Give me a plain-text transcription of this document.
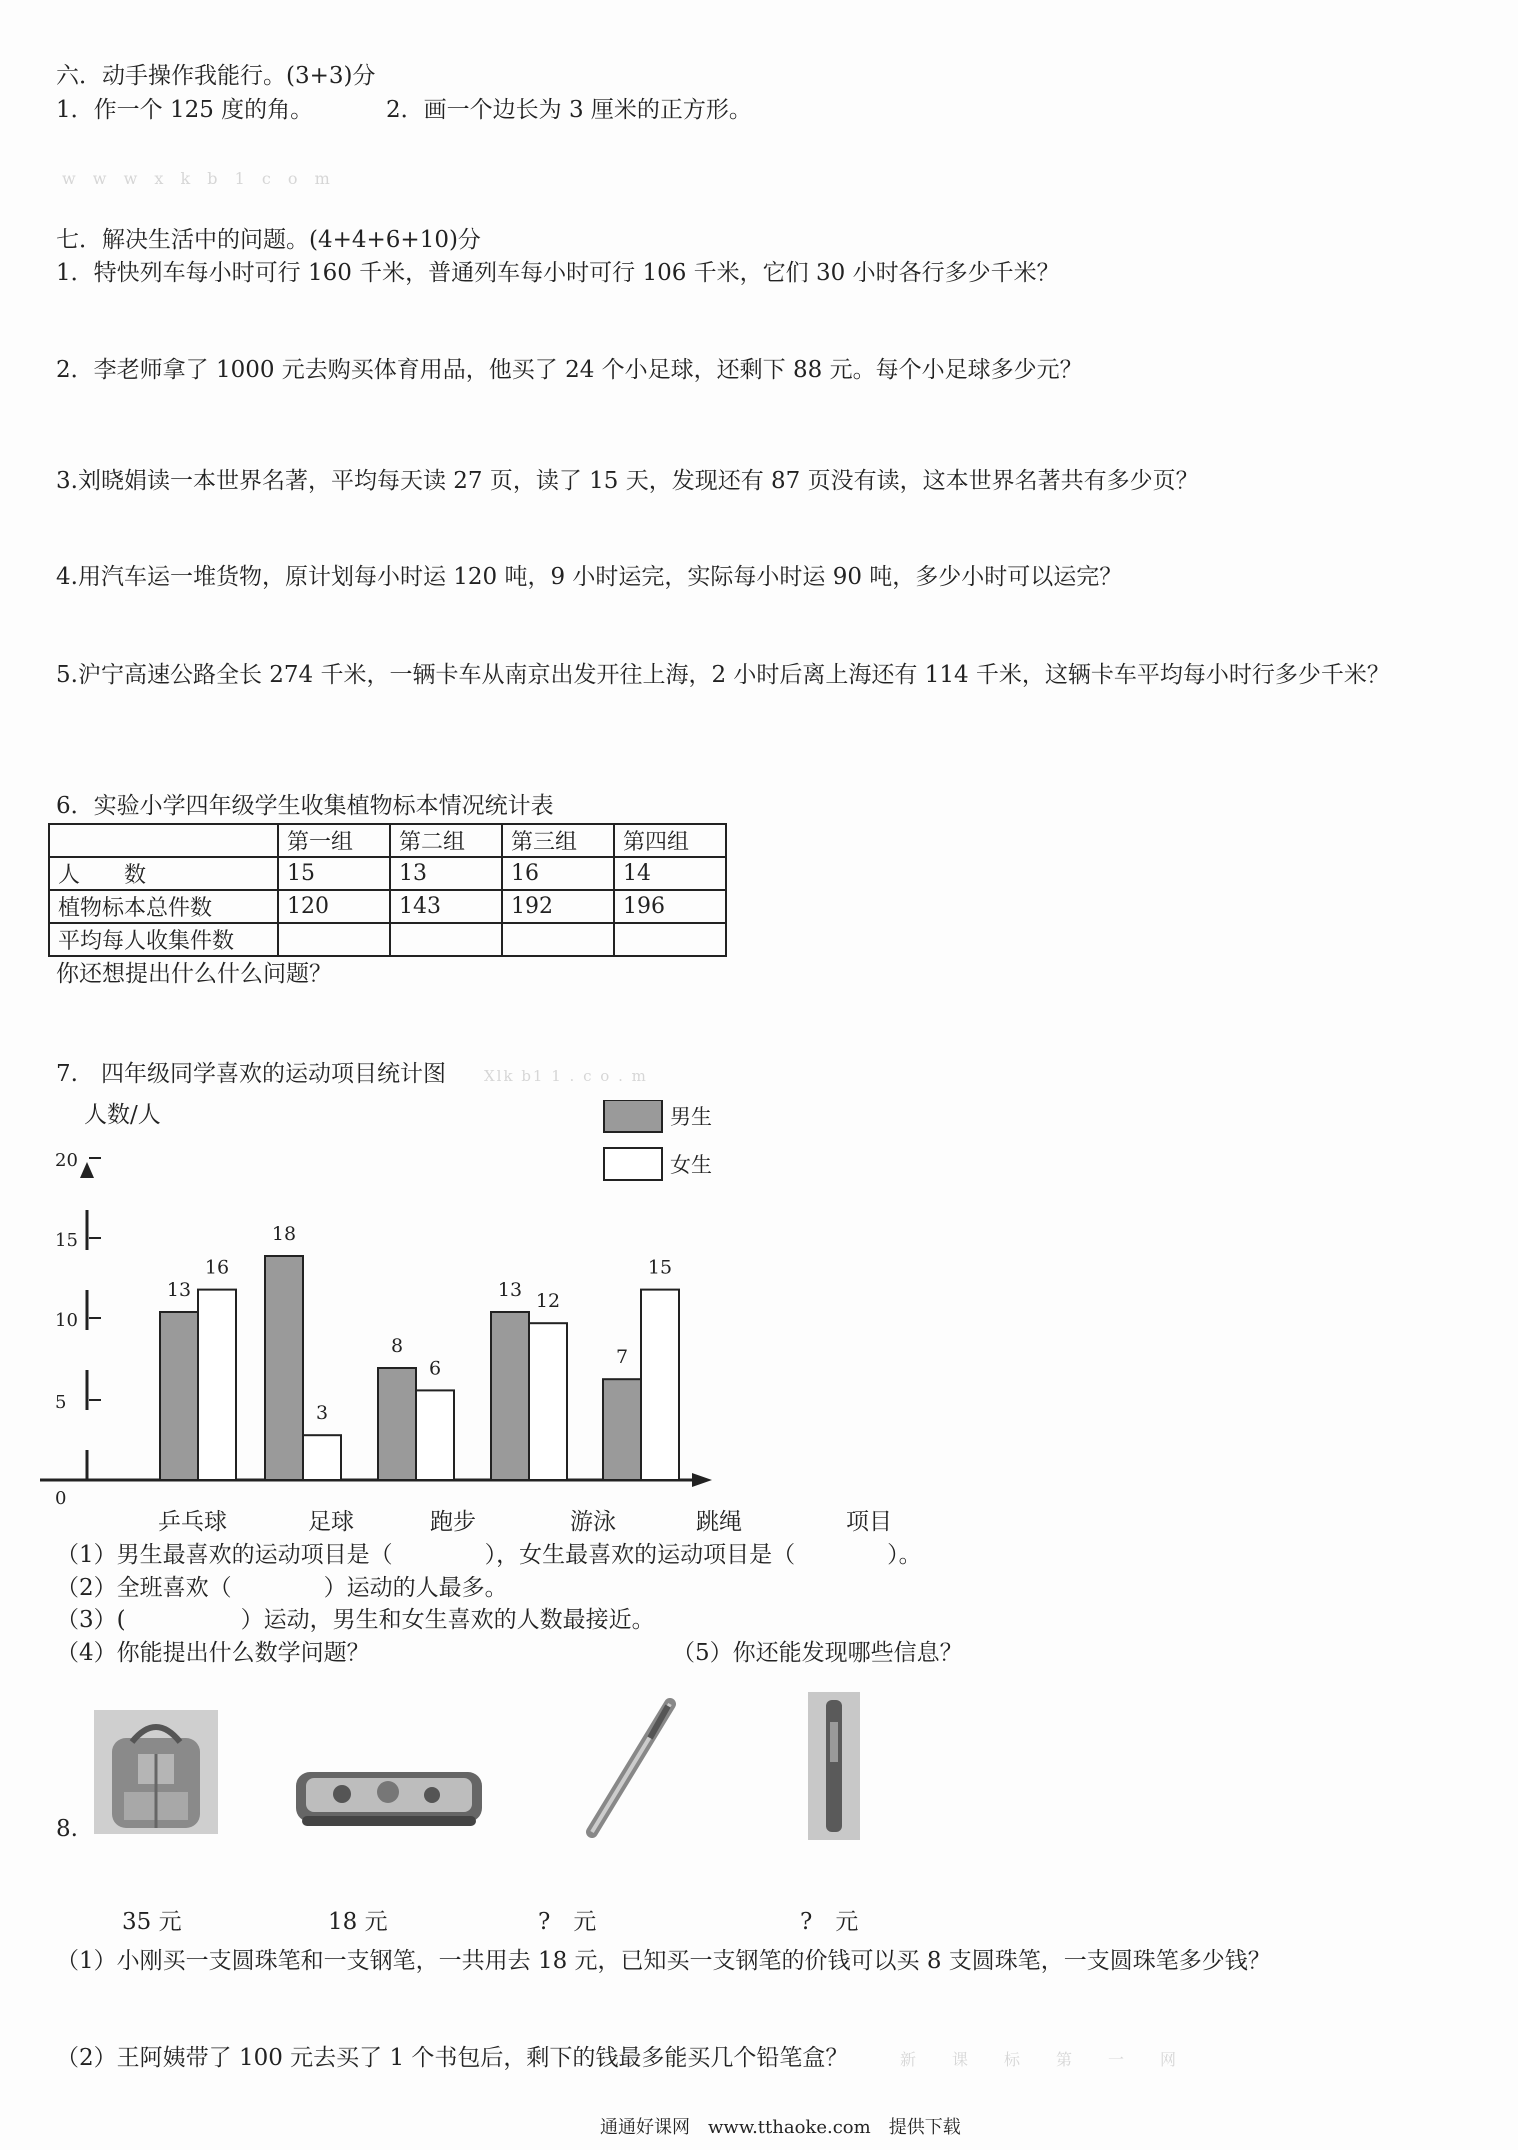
六．动手操作我能行。(3+3)分
1．作一个 125 度的角。	2．画一个边长为 3 厘米的正方形。
w w w x k b 1 c o m
七．解决生活中的问题。(4+4+6+10)分
1．特快列车每小时可行 160 千米，普通列车每小时可行 106 千米，它们 30 小时各行多少千米？
2．李老师拿了 1000 元去购买体育用品，他买了 24 个小足球，还剩下 88 元。每个小足球多少元？
3.刘晓娟读一本世界名著，平均每天读 27 页，读了 15 天，发现还有 87 页没有读，这本世界名著共有多少页？
4.用汽车运一堆货物，原计划每小时运 120 吨，9 小时运完，实际每小时运 90 吨，多少小时可以运完？
5.沪宁高速公路全长 274 千米，一辆卡车从南京出发开往上海，2 小时后离上海还有 114 千米，这辆卡车平均每小时行多少千米？
6．实验小学四年级学生收集植物标本情况统计表
	第一组	第二组	第三组	第四组
人　　数	15	13	16	14
植物标本总件数	120	143	192	196
平均每人收集件数				
你还想提出什么什么问题？
7.　四年级同学喜欢的运动项目统计图	Xlk b1 1 . c o . m
人数/人
0
5
10
15
20
13
16
18
3
8
6
13
12
7
15
男生
女生
乒乓球	足球	跑步	游泳	跳绳	项目
（1）男生最喜欢的运动项目是（　　　　），女生最喜欢的运动项目是（　　　　）。
（2）全班喜欢（　　　　）运动的人最多。
（3）(　　　　　）运动，男生和女生喜欢的人数最接近。
（4）你能提出什么数学问题？	（5）你还能发现哪些信息？
8.
35 元	18 元	?　元	?　元
（1）小刚买一支圆珠笔和一支钢笔，一共用去 18 元，已知买一支钢笔的价钱可以买 8 支圆珠笔，一支圆珠笔多少钱？
（2）王阿姨带了 100 元去买了 1 个书包后，剩下的钱最多能买几个铅笔盒？	新　课　标　第　一　网
通通好课网　www.tthaoke.com　提供下载
